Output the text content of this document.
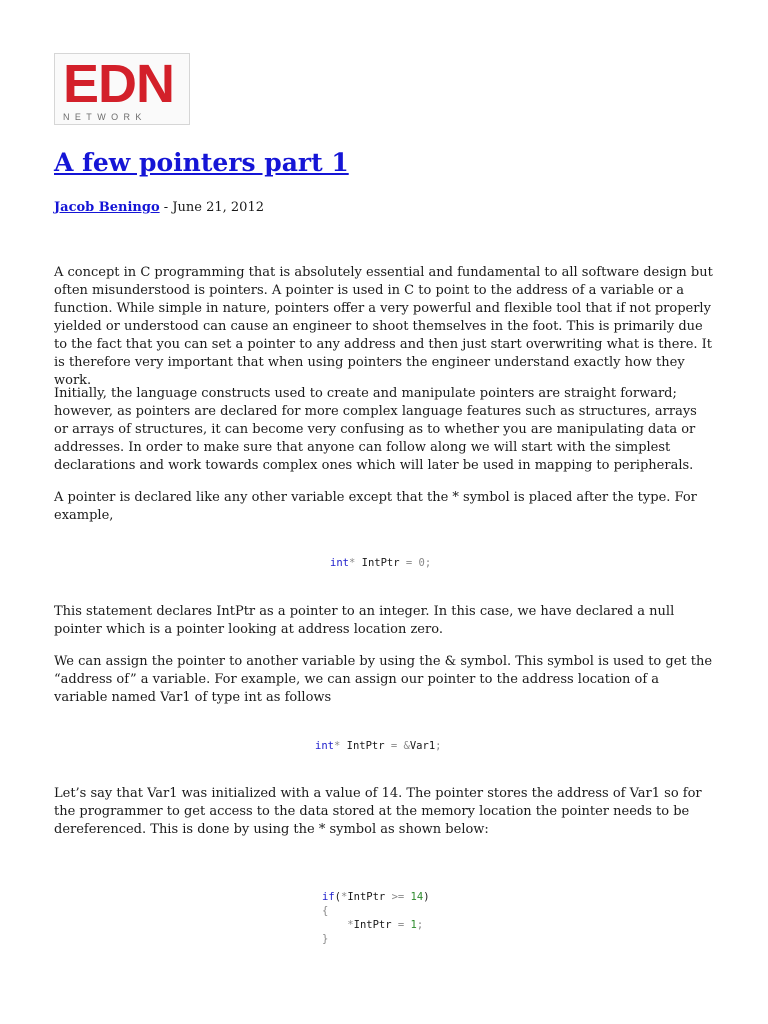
EDN
NETWORK
A few pointers part 1
Jacob Beningo - June 21, 2012

A concept in C programming that is absolutely essential and fundamental to all software design but often misunderstood is pointers. A pointer is used in C to point to the address of a variable or a function. While simple in nature, pointers offer a very powerful and flexible tool that if not properly yielded or understood can cause an engineer to shoot themselves in the foot. This is primarily due to the fact that you can set a pointer to any address and then just start overwriting what is there. It is therefore very important that when using pointers the engineer understand exactly how they work.

Initially, the language constructs used to create and manipulate pointers are straight forward; however, as pointers are declared for more complex language features such as structures, arrays or arrays of structures, it can become very confusing as to whether you are manipulating data or addresses. In order to make sure that anyone can follow along we will start with the simplest declarations and work towards complex ones which will later be used in mapping to peripherals.

A pointer is declared like any other variable except that the * symbol is placed after the type. For example,

int* IntPtr = 0;

This statement declares IntPtr as a pointer to an integer. In this case, we have declared a null pointer which is a pointer looking at address location zero.

We can assign the pointer to another variable by using the & symbol. This symbol is used to get the “address of” a variable. For example, we can assign our pointer to the address location of a variable named Var1 of type int as follows

int* IntPtr = &Var1;

Let’s say that Var1 was initialized with a value of 14. The pointer stores the address of Var1 so for the programmer to get access to the data stored at the memory location the pointer needs to be dereferenced. This is done by using the * symbol as shown below:

if(*IntPtr >= 14)
{
*IntPtr = 1;
}
